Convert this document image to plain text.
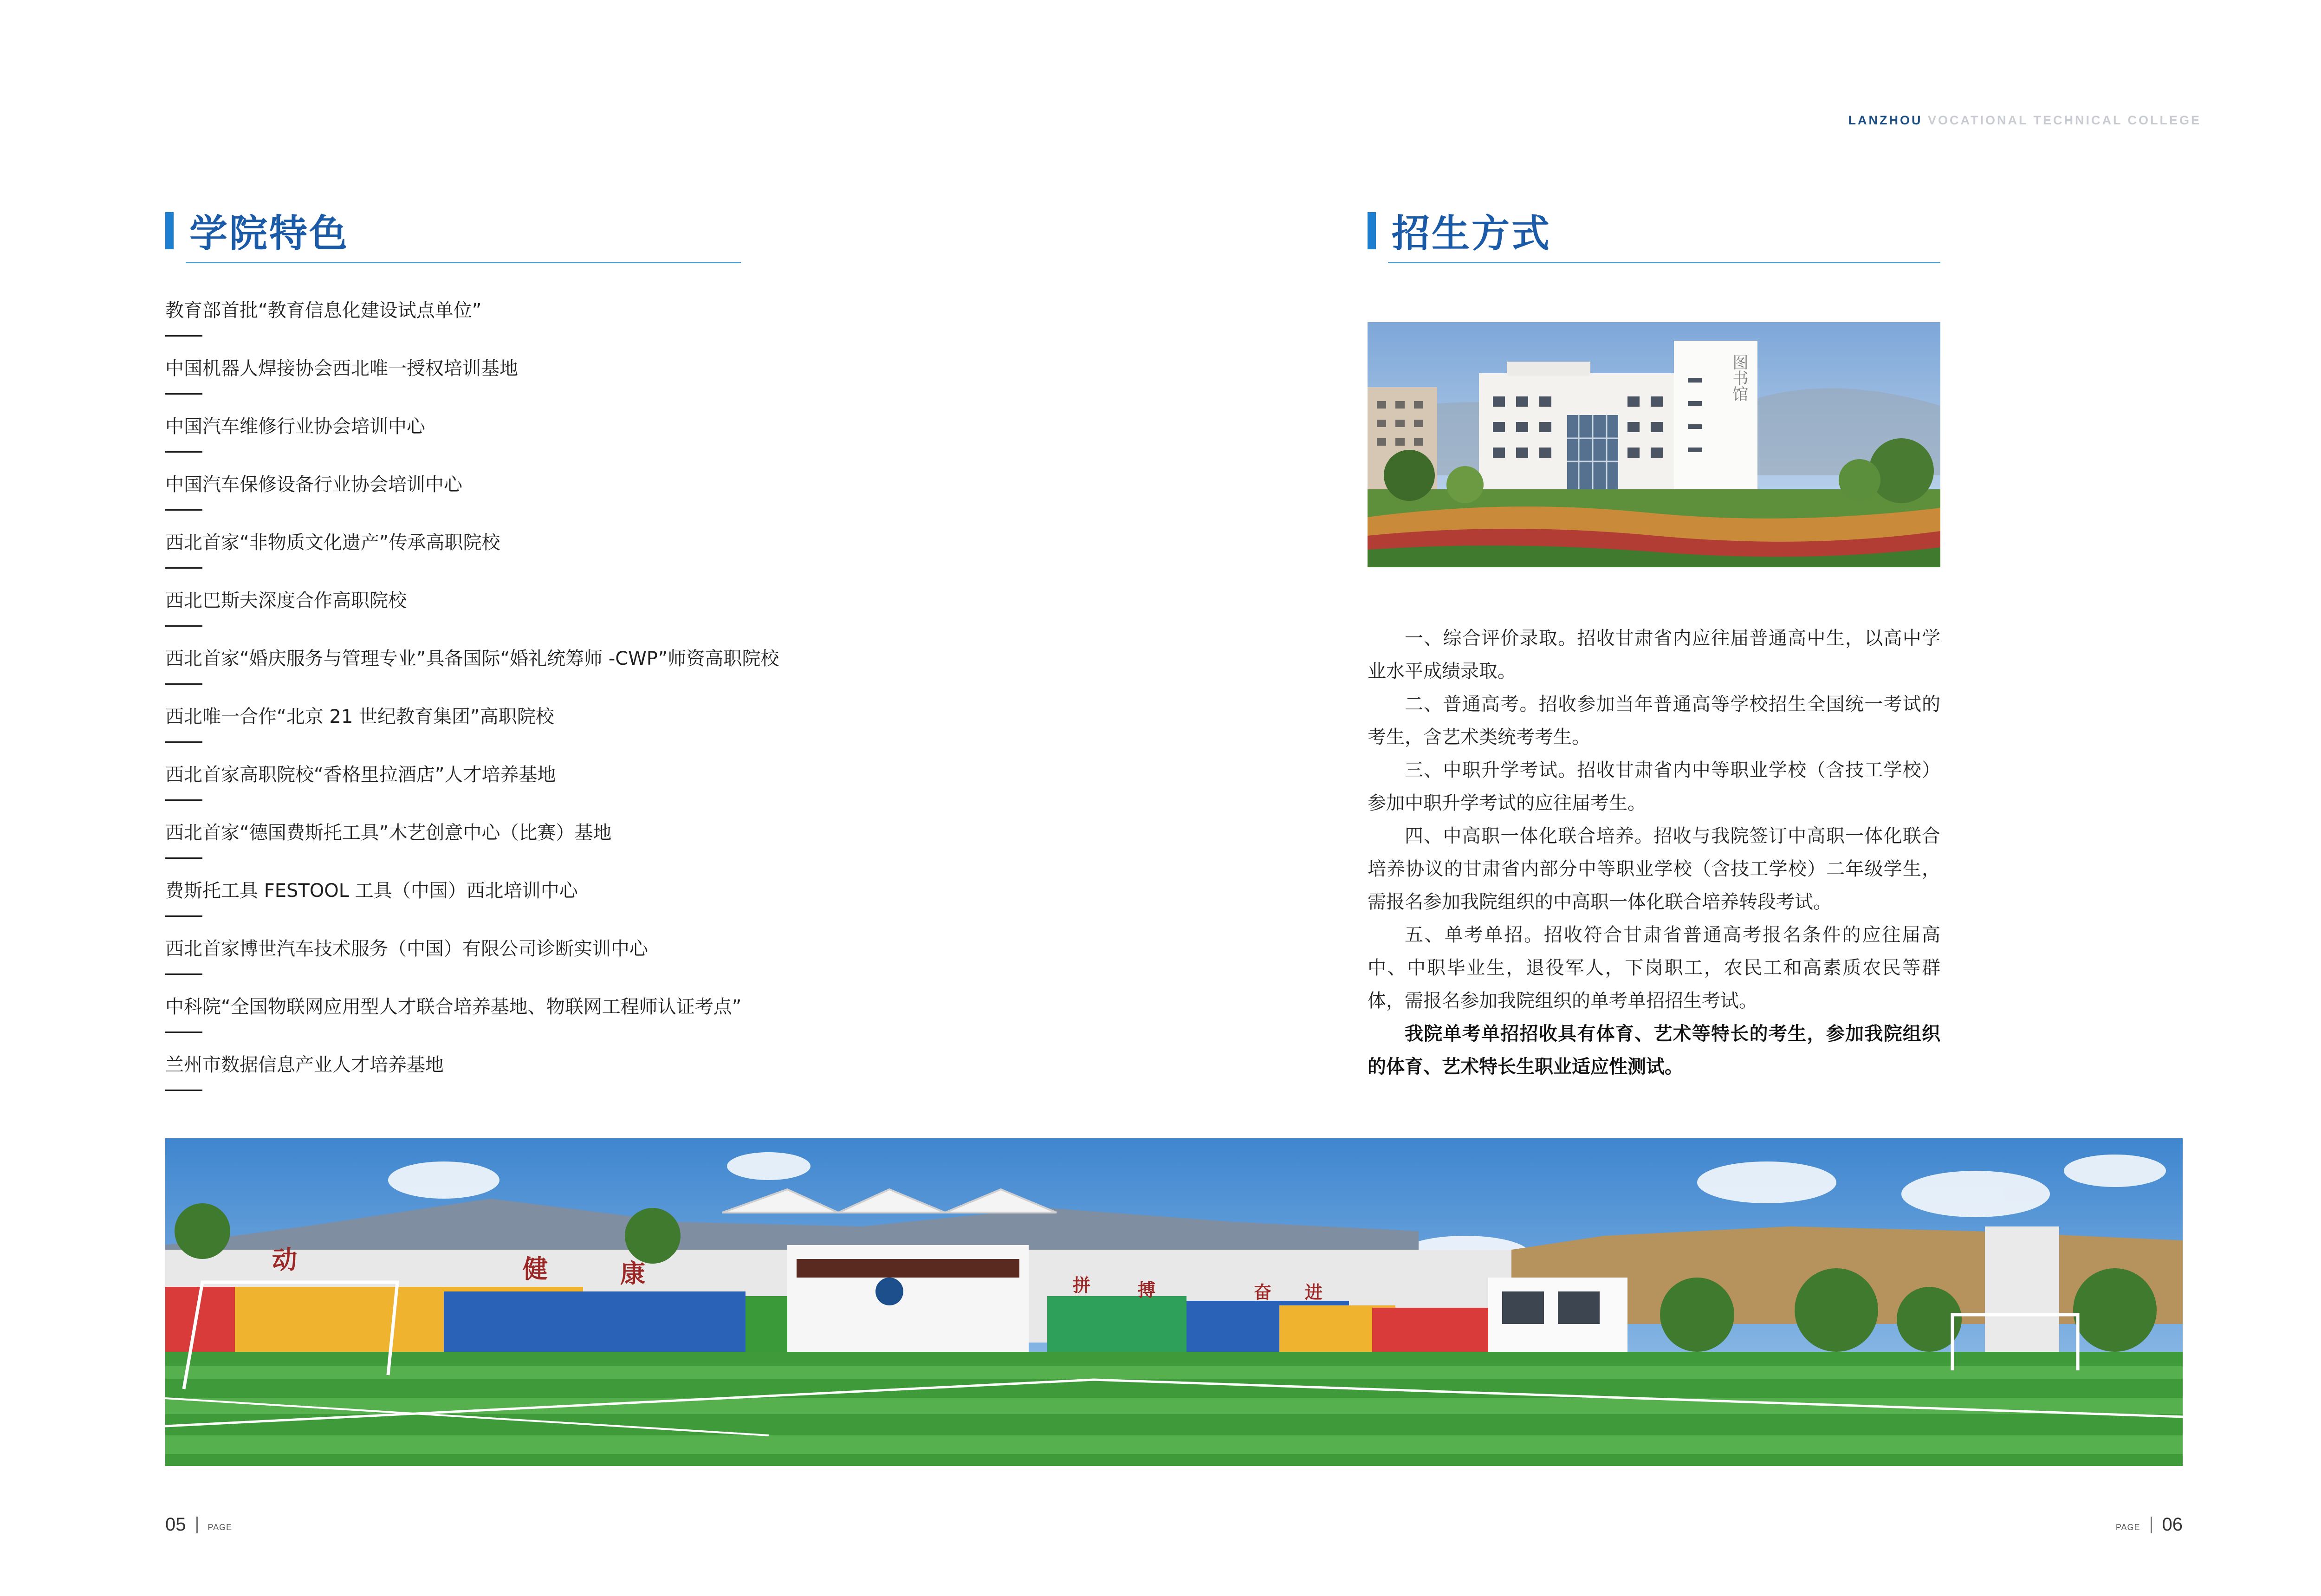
LANZHOU VOCATIONAL TECHNICAL COLLEGE
学院特色
教育部首批“教育信息化建设试点单位”
中国机器人焊接协会西北唯一授权培训基地
中国汽车维修行业协会培训中心
中国汽车保修设备行业协会培训中心
西北首家“非物质文化遗产”传承高职院校
西北巴斯夫深度合作高职院校
西北首家“婚庆服务与管理专业”具备国际“婚礼统筹师 -CWP”师资高职院校
西北唯一合作“北京 21 世纪教育集团”高职院校
西北首家高职院校“香格里拉酒店”人才培养基地
西北首家“德国费斯托工具”木艺创意中心（比赛）基地
费斯托工具 FESTOOL 工具（中国）西北培训中心
西北首家博世汽车技术服务（中国）有限公司诊断实训中心
中科院“全国物联网应用型人才联合培养基地、物联网工程师认证考点”
兰州市数据信息产业人才培养基地
招生方式
图书馆

一、综合评价录取。招收甘肃省内应往届普通高中生，以高中学业水平成绩录取。

二、普通高考。招收参加当年普通高等学校招生全国统一考试的考生，含艺术类统考考生。

三、中职升学考试。招收甘肃省内中等职业学校（含技工学校）参加中职升学考试的应往届考生。

四、中高职一体化联合培养。招收与我院签订中高职一体化联合培养协议的甘肃省内部分中等职业学校（含技工学校）二年级学生，需报名参加我院组织的中高职一体化联合培养转段考试。

五、单考单招。招收符合甘肃省普通高考报名条件的应往届高中、中职毕业生，退役军人，下岗职工，农民工和高素质农民等群体，需报名参加我院组织的单考单招招生考试。

我院单考单招招收具有体育、艺术等特长的考生，参加我院组织的体育、艺术特长生职业适应性测试。

动	健	康	拼	搏	奋 进
05	PAGE	PAGE 06
